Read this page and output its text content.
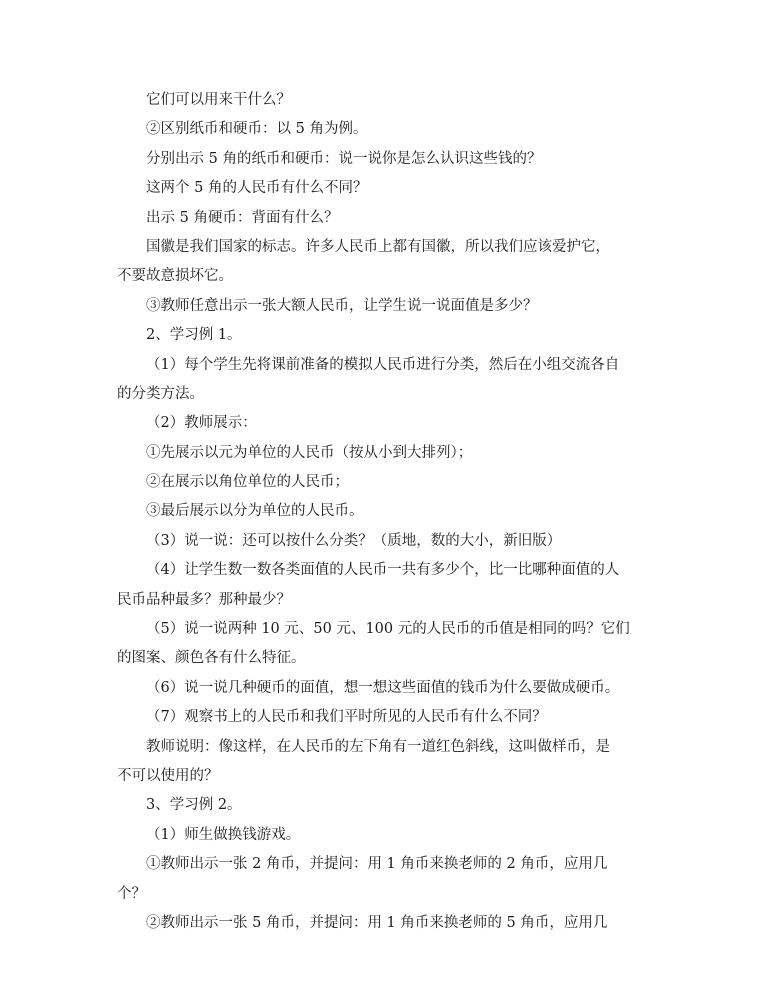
它们可以用来干什么？
②区别纸币和硬币：以 5 角为例。
分别出示 5 角的纸币和硬币：说一说你是怎么认识这些钱的？
这两个 5 角的人民币有什么不同？
出示 5 角硬币：背面有什么？
国徽是我们国家的标志。许多人民币上都有国徽，所以我们应该爱护它，
不要故意损坏它。
③教师任意出示一张大额人民币，让学生说一说面值是多少？
2、学习例 1。
（1）每个学生先将课前准备的模拟人民币进行分类，然后在小组交流各自
的分类方法。
（2）教师展示：
①先展示以元为单位的人民币（按从小到大排列）；
②在展示以角位单位的人民币；
③最后展示以分为单位的人民币。
（3）说一说：还可以按什么分类？（质地，数的大小，新旧版）
（4）让学生数一数各类面值的人民币一共有多少个，比一比哪种面值的人
民币品种最多？那种最少？
（5）说一说两种 10 元、50 元、100 元的人民币的币值是相同的吗？它们
的图案、颜色各有什么特征。
（6）说一说几种硬币的面值，想一想这些面值的钱币为什么要做成硬币。
（7）观察书上的人民币和我们平时所见的人民币有什么不同？
教师说明：像这样，在人民币的左下角有一道红色斜线，这叫做样币，是
不可以使用的？
3、学习例 2。
（1）师生做换钱游戏。
①教师出示一张 2 角币，并提问：用 1 角币来换老师的 2 角币，应用几
个？
②教师出示一张 5 角币，并提问：用 1 角币来换老师的 5 角币，应用几
